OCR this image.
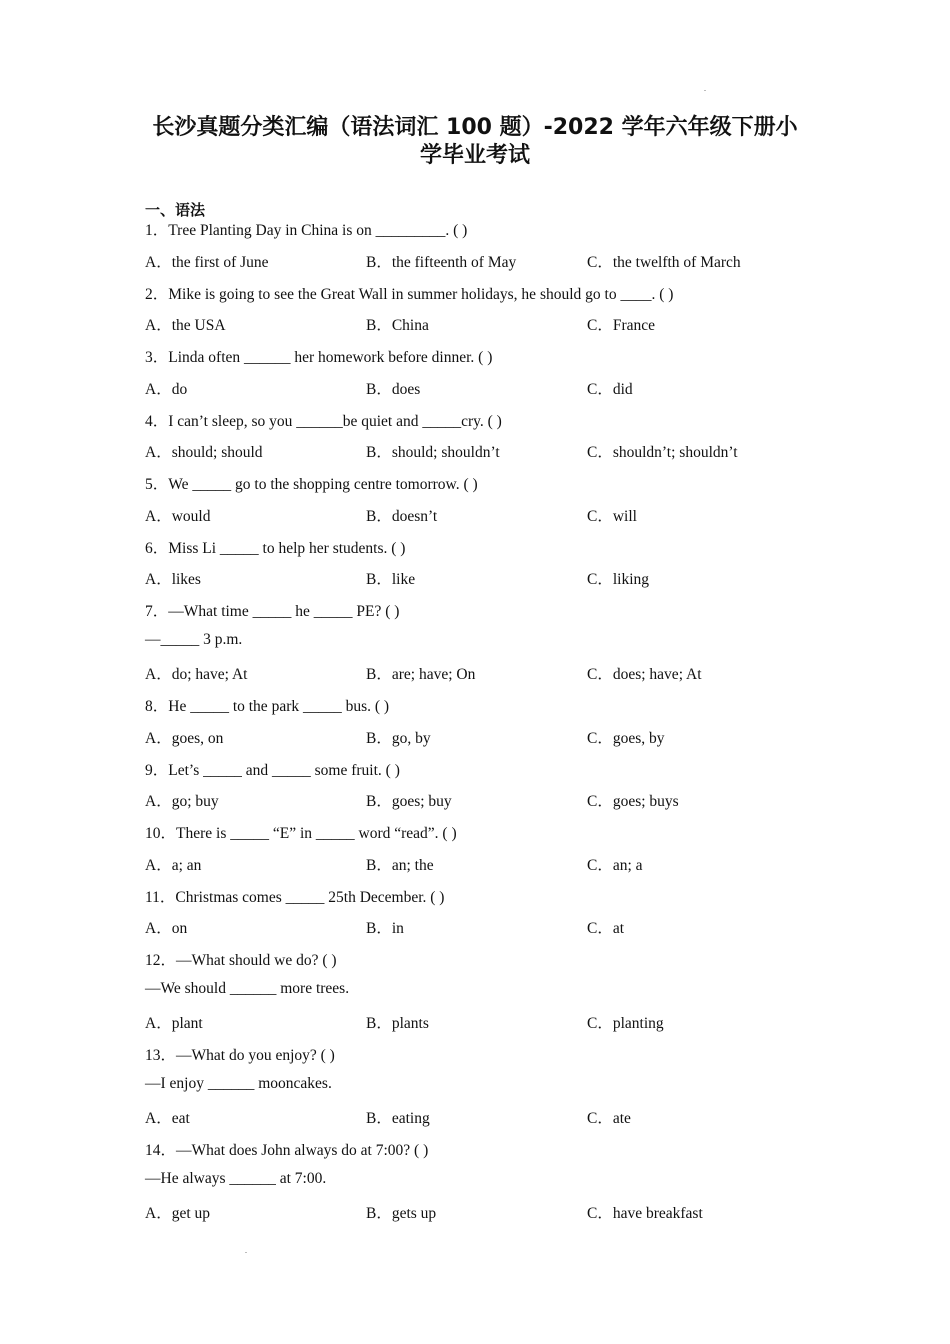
长沙真题分类汇编（语法词汇 100 题）-2022 学年六年级下册小
学毕业考试
一、语法
1．Tree Planting Day in China is on _________. ( )
A．the first of June	B．the fifteenth of May	C．the twelfth of March
2．Mike is going to see the Great Wall in summer holidays, he should go to ____. ( )
A．the USA	B．China	C．France
3．Linda often ______ her homework before dinner. ( )
A．do	B．does	C．did
4．I can’t sleep, so you ______be quiet and _____cry. ( )
A．should; should	B．should; shouldn’t	C．shouldn’t; shouldn’t
5．We _____ go to the shopping centre tomorrow. ( )
A．would	B．doesn’t	C．will
6．Miss Li _____ to help her students. ( )
A．likes	B．like	C．liking
7．—What time _____ he _____ PE? ( )
—_____ 3 p.m.
A．do; have; At	B．are; have; On	C．does; have; At
8．He _____ to the park _____ bus. ( )
A．goes, on	B．go, by	C．goes, by
9．Let’s _____ and _____ some fruit. ( )
A．go; buy	B．goes; buy	C．goes; buys
10．There is _____ “E” in _____ word “read”. ( )
A．a; an	B．an; the	C．an; a
11．Christmas comes _____ 25th December. ( )
A．on	B．in	C．at
12．—What should we do? ( )
—We should ______ more trees.
A．plant	B．plants	C．planting
13．—What do you enjoy? ( )
—I enjoy ______ mooncakes.
A．eat	B．eating	C．ate
14．—What does John always do at 7:00? ( )
—He always ______ at 7:00.
A．get up	B．gets up	C．have breakfast
